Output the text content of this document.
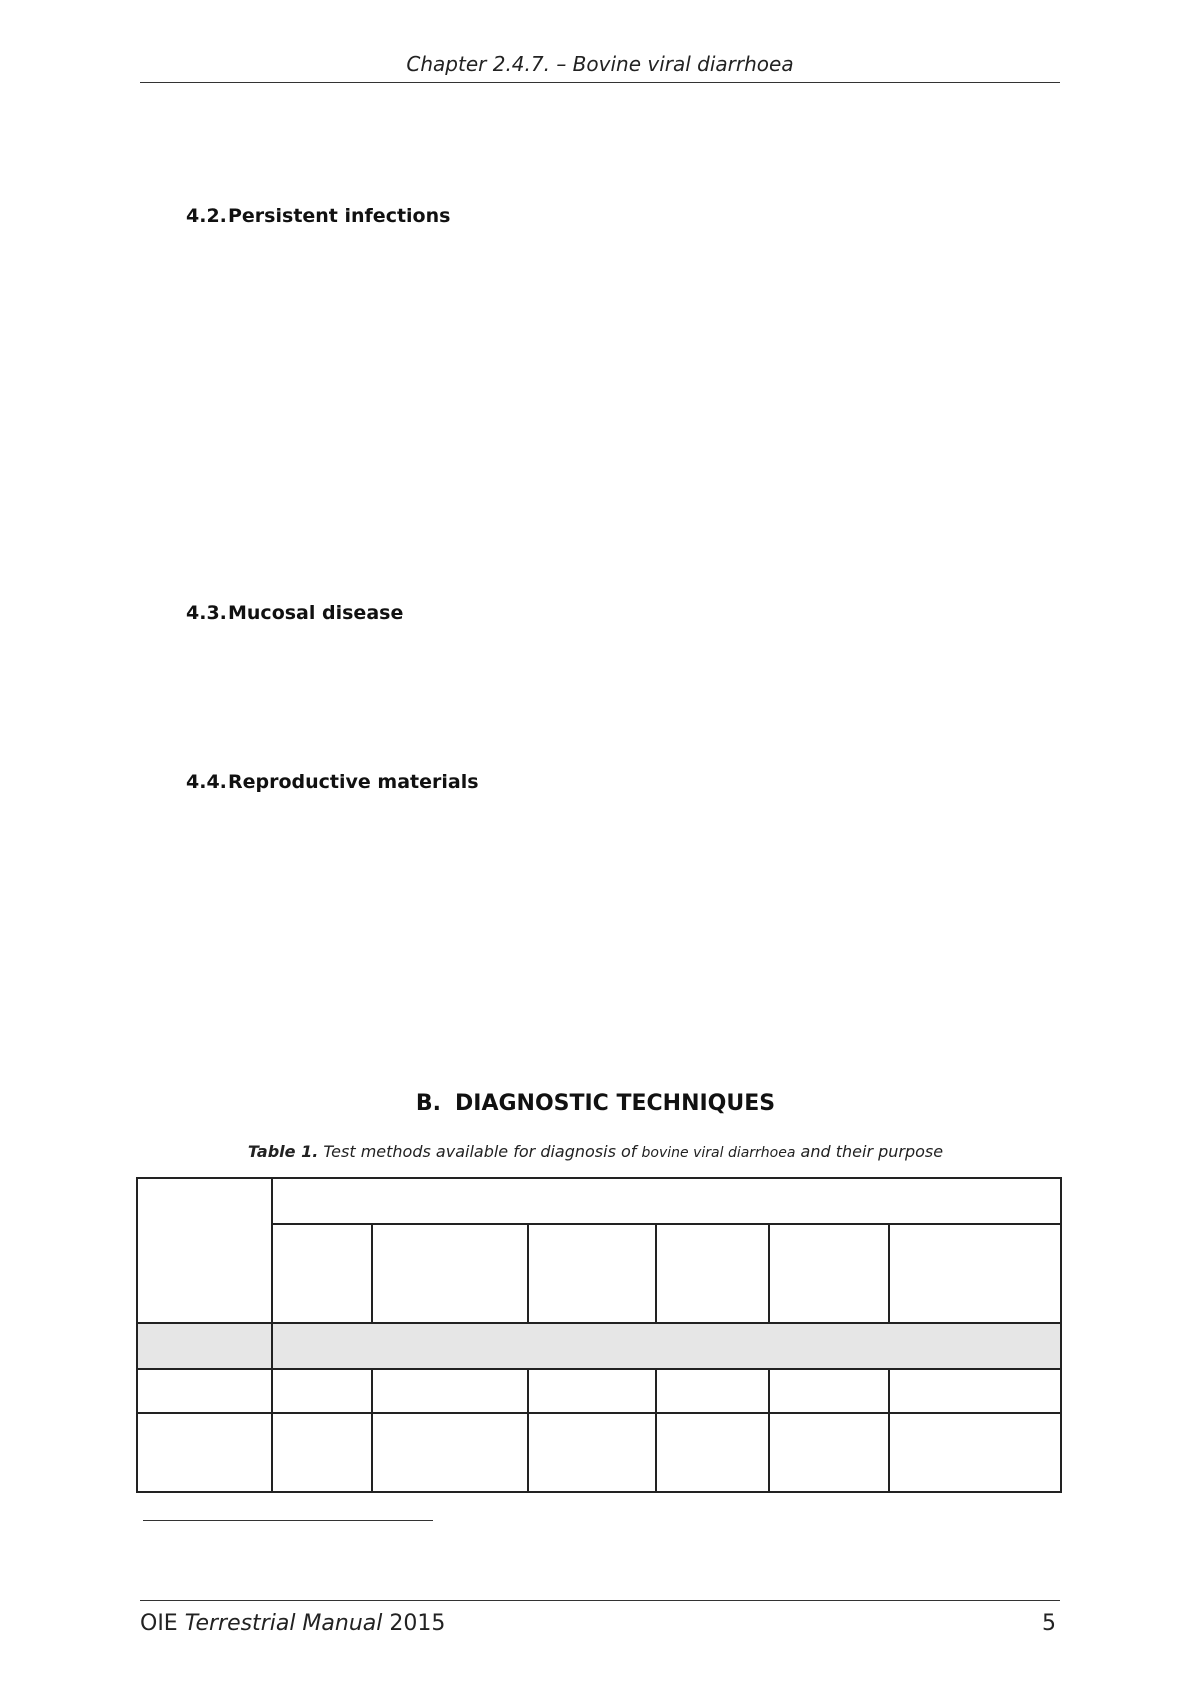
Chapter 2.4.7. – Bovine viral diarrhoea
4.2.Persistent infections
4.3.Mucosal disease
4.4.Reproductive materials
B. DIAGNOSTIC TECHNIQUES
Table 1. Test methods available for diagnosis of bovine viral diarrhoea and their purpose
OIE Terrestrial Manual 2015	5
